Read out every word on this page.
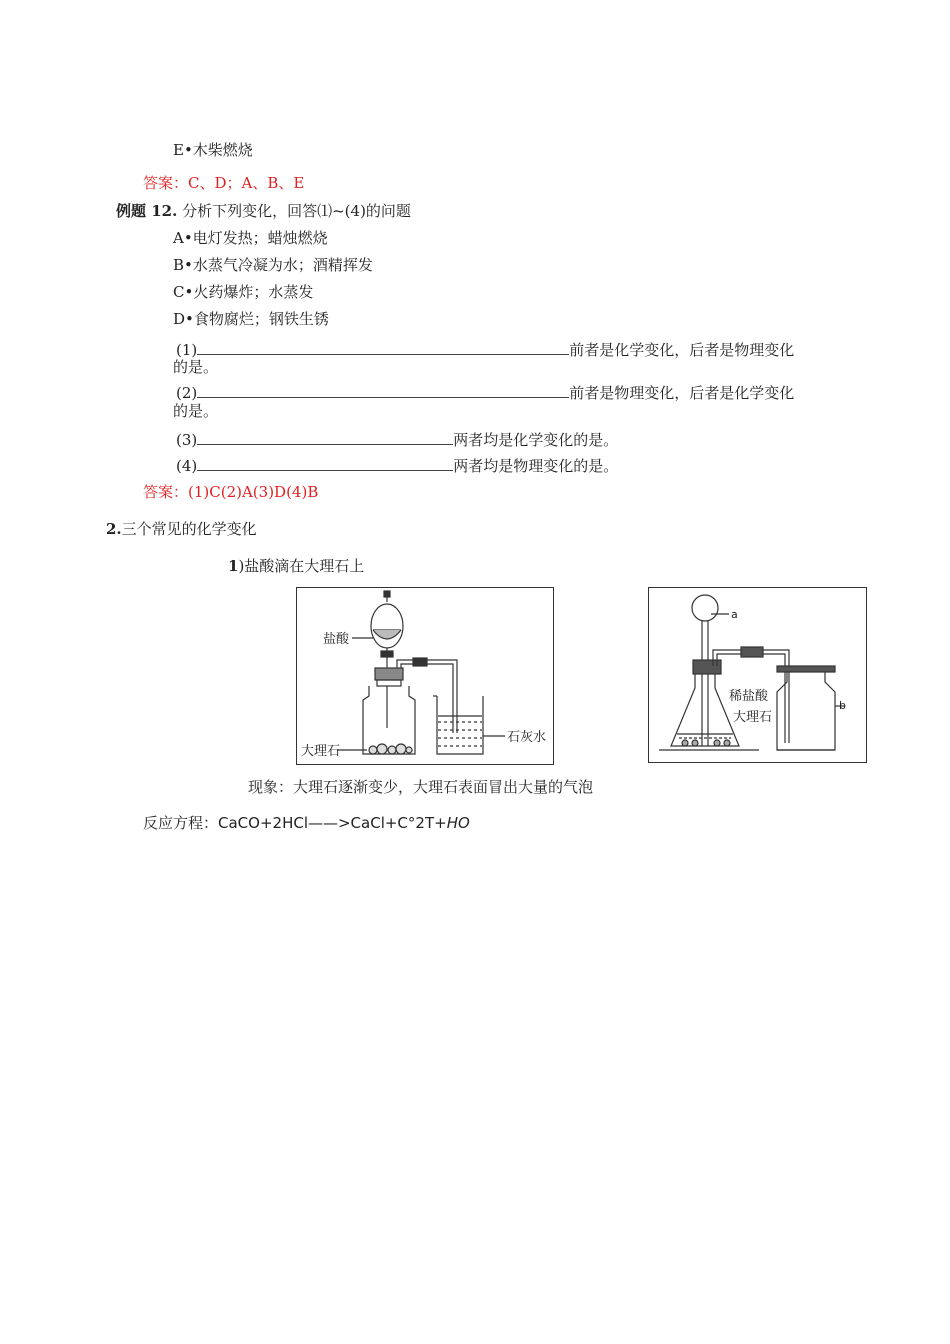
E•木柴燃烧
答案：C、D；A、B、E
例题 12. 分析下列变化，回答⑴~(4)的问题
A•电灯发热；蜡烛燃烧
B•水蒸气冷凝为水；酒精挥发
C•火药爆炸；水蒸发
D•食物腐烂；钢铁生锈
(1)	前者是化学变化，后者是物理变化
的是。
(2)	前者是物理变化，后者是化学变化
的是。
(3)	两者均是化学变化的是。
(4)	两者均是物理变化的是。
答案：(1)C(2)A(3)D(4)B
2.三个常见的化学变化
1)盐酸滴在大理石上
盐酸
大理石
石灰水
a
b
稀盐酸
大理石
现象：大理石逐渐变少，大理石表面冒出大量的气泡
反应方程：CaCO+2HCl——>CaCl+C°2T+HO
